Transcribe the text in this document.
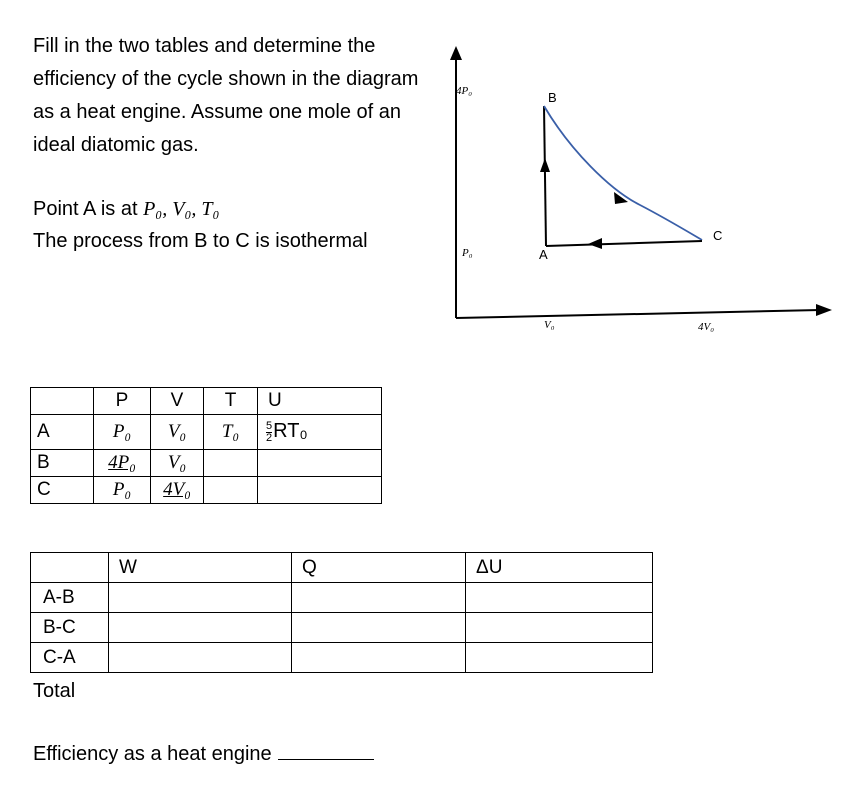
Fill in the two tables and determine the efficiency of the cycle shown in the diagram as a heat engine. Assume one mole of an ideal diatomic gas.
Point A is at P₀, V₀, T₀
The process from B to C is isothermal
4P₀
P₀
V₀	4V₀
B
A
C
	P	V	T	U
A	P₀	V₀	T₀	$\frac{5}{2} RT_0$
B	4P₀	V₀		
C	P₀	4V₀		
	W	Q	ΔU
A-B			
B-C			
C-A			
Total
Efficiency as a heat engine
